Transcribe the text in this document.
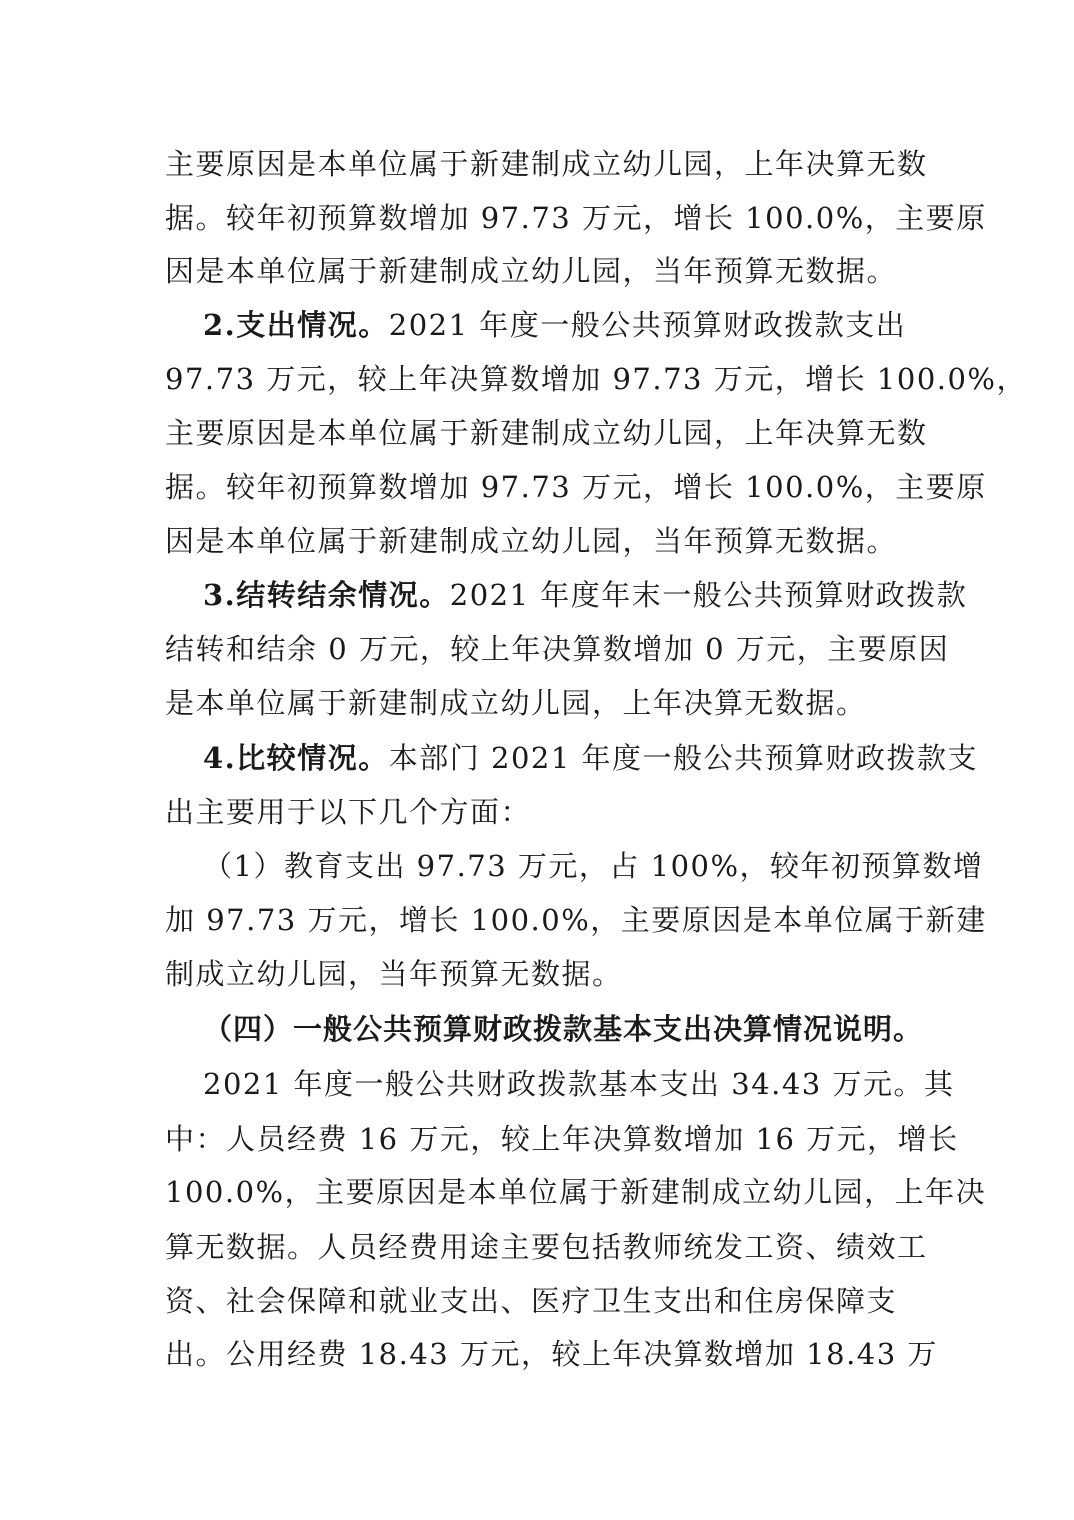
主要原因是本单位属于新建制成立幼儿园，上年决算无数
据。较年初预算数增加 97.73 万元，增长 100.0%，主要原
因是本单位属于新建制成立幼儿园，当年预算无数据。
2.支出情况。2021 年度一般公共预算财政拨款支出
97.73 万元，较上年决算数增加 97.73 万元，增长 100.0%，
主要原因是本单位属于新建制成立幼儿园，上年决算无数
据。较年初预算数增加 97.73 万元，增长 100.0%，主要原
因是本单位属于新建制成立幼儿园，当年预算无数据。
3.结转结余情况。2021 年度年末一般公共预算财政拨款
结转和结余 0 万元，较上年决算数增加 0 万元，主要原因
是本单位属于新建制成立幼儿园，上年决算无数据。
4.比较情况。本部门 2021 年度一般公共预算财政拨款支
出主要用于以下几个方面：
（1）教育支出 97.73 万元，占 100%，较年初预算数增
加 97.73 万元，增长 100.0%，主要原因是本单位属于新建
制成立幼儿园，当年预算无数据。
（四）一般公共预算财政拨款基本支出决算情况说明。
2021 年度一般公共财政拨款基本支出 34.43 万元。其
中：人员经费 16 万元，较上年决算数增加 16 万元，增长
100.0%，主要原因是本单位属于新建制成立幼儿园，上年决
算无数据。人员经费用途主要包括教师统发工资、绩效工
资、社会保障和就业支出、医疗卫生支出和住房保障支
出。公用经费 18.43 万元，较上年决算数增加 18.43 万
